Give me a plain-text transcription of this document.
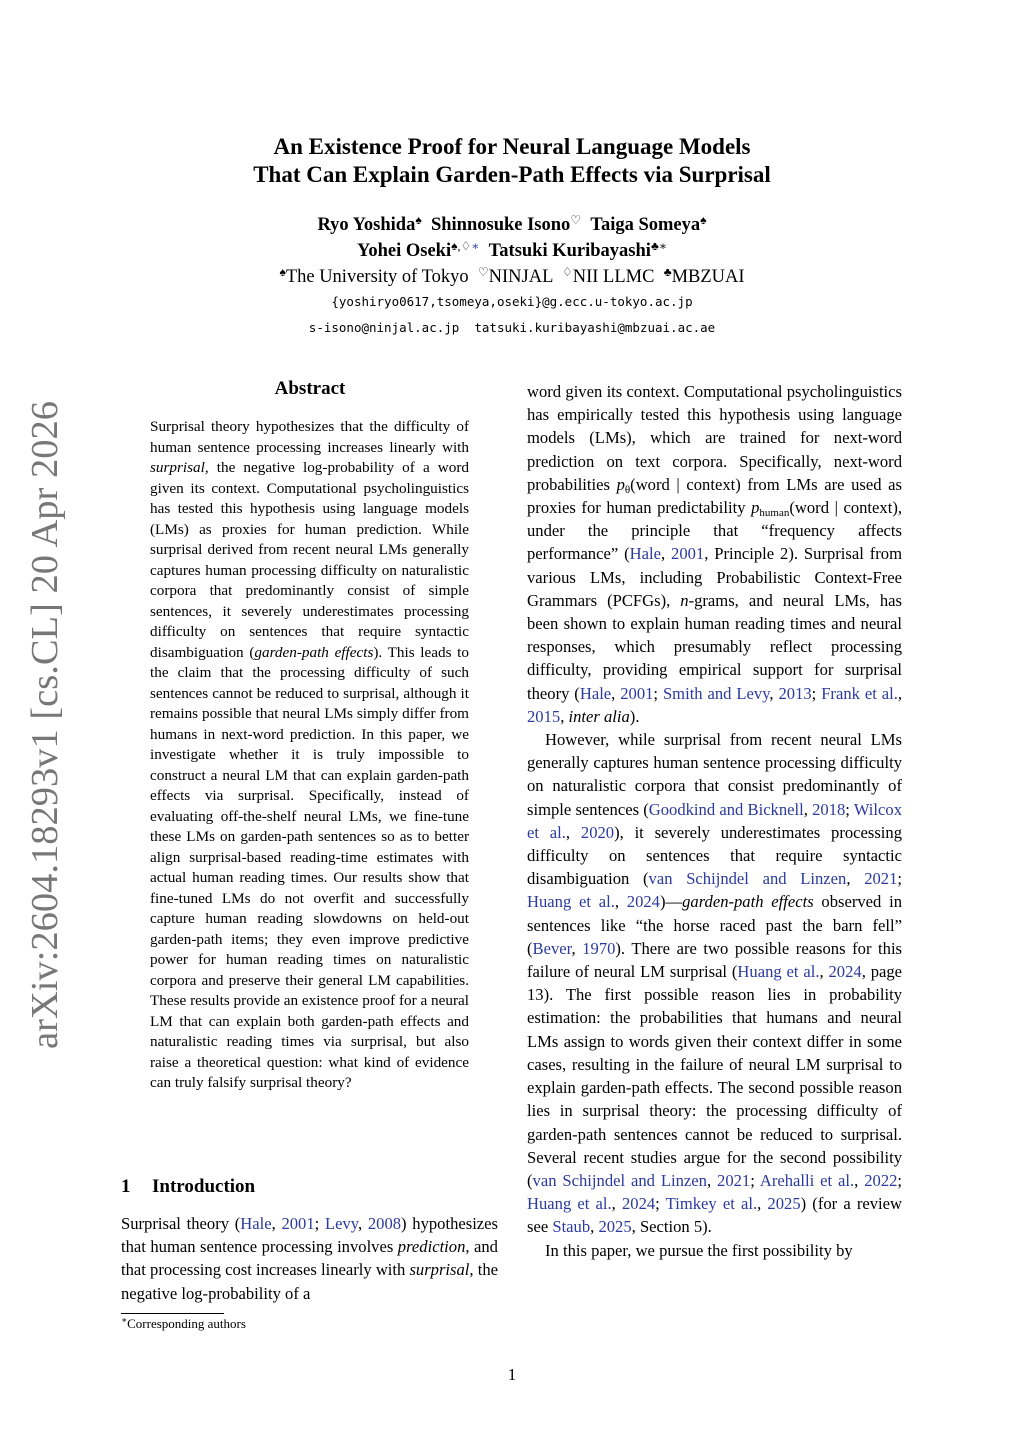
An Existence Proof for Neural Language Models
That Can Explain Garden-Path Effects via Surprisal
Ryo Yoshida♠ Shinnosuke Isono♡ Taiga Someya♠
Yohei Oseki♠,♢∗ Tatsuki Kuribayashi♣∗
♠The University of Tokyo ♡NINJAL ♢NII LLMC ♣MBZUAI
{yoshiryo0617,tsomeya,oseki}@g.ecc.u-tokyo.ac.jp
s-isono@ninjal.ac.jp tatsuki.kuribayashi@mbzuai.ac.ae
arXiv:2604.18293v1 [cs.CL] 20 Apr 2026
Abstract
Surprisal theory hypothesizes that the difficulty of human sentence processing increases linearly with surprisal, the negative log-probability of a word given its context. Computational psycholinguistics has tested this hypothesis using language models (LMs) as proxies for human prediction. While surprisal derived from recent neural LMs generally captures human processing difficulty on naturalistic corpora that predominantly consist of simple sentences, it severely underestimates processing difficulty on sentences that require syntactic disambiguation (garden-path effects). This leads to the claim that the processing difficulty of such sentences cannot be reduced to surprisal, although it remains possible that neural LMs simply differ from humans in next-word prediction. In this paper, we investigate whether it is truly impossible to construct a neural LM that can explain garden-path effects via surprisal. Specifically, instead of evaluating off-the-shelf neural LMs, we fine-tune these LMs on garden-path sentences so as to better align surprisal-based reading-time estimates with actual human reading times. Our results show that fine-tuned LMs do not overfit and successfully capture human reading slowdowns on held-out garden-path items; they even improve predictive power for human reading times on naturalistic corpora and preserve their general LM capabilities. These results provide an existence proof for a neural LM that can explain both garden-path effects and naturalistic reading times via surprisal, but also raise a theoretical question: what kind of evidence can truly falsify surprisal theory?
1 Introduction
Surprisal theory (Hale, 2001; Levy, 2008) hypothesizes that human sentence processing involves prediction, and that processing cost increases linearly with surprisal, the negative log-probability of a
∗Corresponding authors

word given its context. Computational psycholinguistics has empirically tested this hypothesis using language models (LMs), which are trained for next-word prediction on text corpora. Specifically, next-word probabilities $p_\theta(word$ | context) from LMs are used as proxies for human predictability $p_{human}(word$ | context), under the principle that “frequency affects performance” (Hale, 2001, Principle 2). Surprisal from various LMs, including Probabilistic Context-Free Grammars (PCFGs), n-grams, and neural LMs, has been shown to explain human reading times and neural responses, which presumably reflect processing difficulty, providing empirical support for surprisal theory (Hale, 2001; Smith and Levy, 2013; Frank et al., 2015, inter alia).

However, while surprisal from recent neural LMs generally captures human sentence processing difficulty on naturalistic corpora that consist predominantly of simple sentences (Goodkind and Bicknell, 2018; Wilcox et al., 2020), it severely underestimates processing difficulty on sentences that require syntactic disambiguation (van Schijndel and Linzen, 2021; Huang et al., 2024)—garden-path effects observed in sentences like “the horse raced past the barn fell” (Bever, 1970). There are two possible reasons for this failure of neural LM surprisal (Huang et al., 2024, page 13). The first possible reason lies in probability estimation: the probabilities that humans and neural LMs assign to words given their context differ in some cases, resulting in the failure of neural LM surprisal to explain garden-path effects. The second possible reason lies in surprisal theory: the processing difficulty of garden-path sentences cannot be reduced to surprisal. Several recent studies argue for the second possibility (van Schijndel and Linzen, 2021; Arehalli et al., 2022; Huang et al., 2024; Timkey et al., 2025) (for a review see Staub, 2025, Section 5).

In this paper, we pursue the first possibility by

1
